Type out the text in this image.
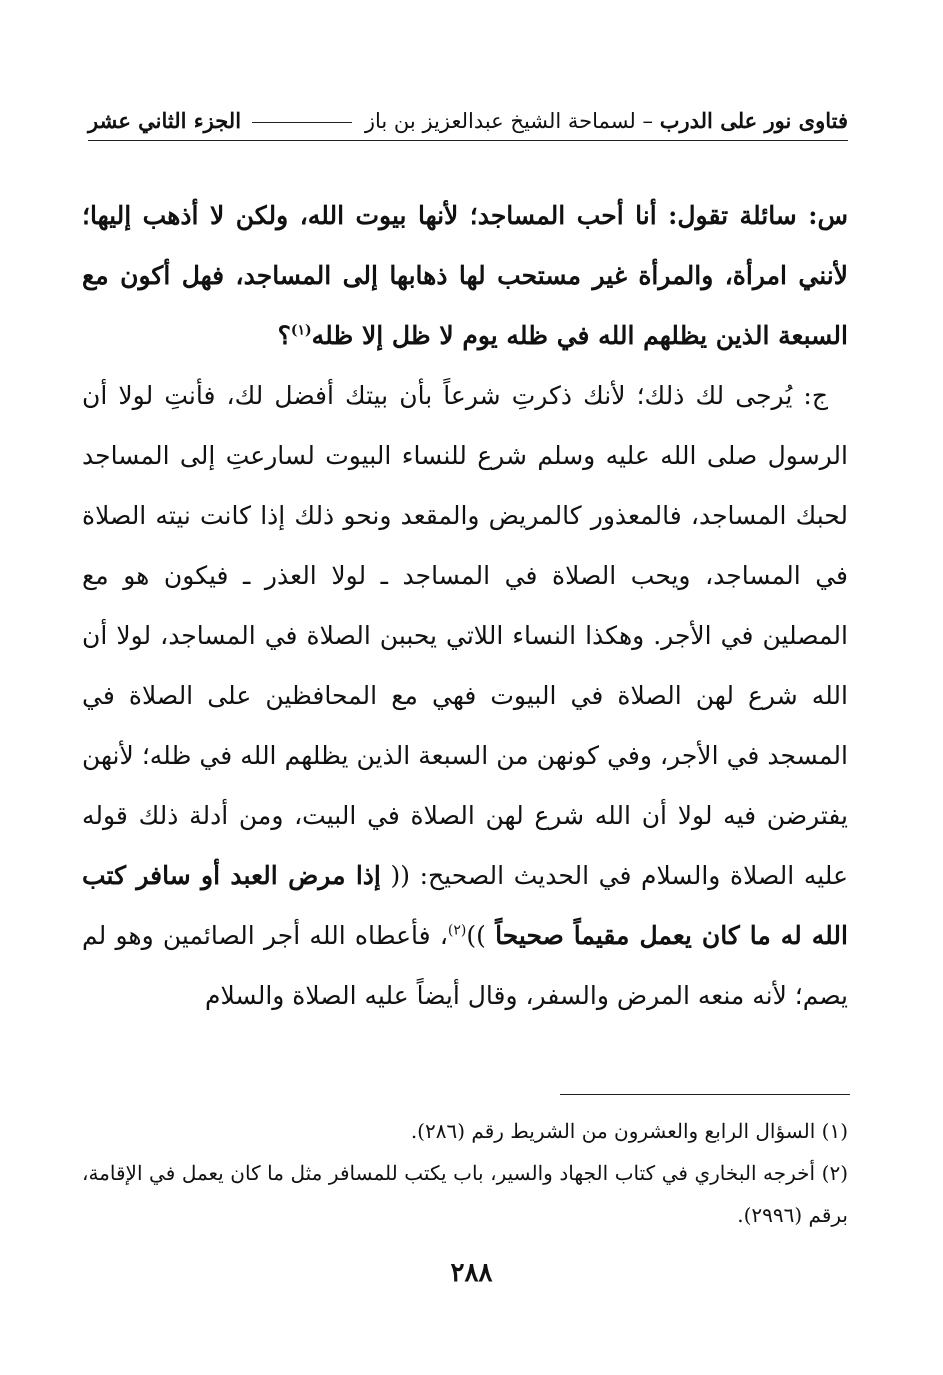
فتاوى نور على الدرب – لسماحة الشيخ عبدالعزيز بن باز
الجزء الثاني عشر

س: سائلة تقول: أنا أحب المساجد؛ لأنها بيوت الله، ولكن لا أذهب إليها؛ لأنني امرأة، والمرأة غير مستحب لها ذهابها إلى المساجد، فهل أكون مع السبعة الذين يظلهم الله في ظله يوم لا ظل إلا ظله$^{(١)}$؟

ج: يُرجى لك ذلك؛ لأنك ذكرتِ شرعاً بأن بيتك أفضل لك، فأنتِ لولا أن الرسول صلى الله عليه وسلم شرع للنساء البيوت لسارعتِ إلى المساجد لحبك المساجد، فالمعذور كالمريض والمقعد ونحو ذلك إذا كانت نيته الصلاة في المساجد، ويحب الصلاة في المساجد ـ لولا العذر ـ فيكون هو مع المصلين في الأجر. وهكذا النساء اللاتي يحببن الصلاة في المساجد، لولا أن الله شرع لهن الصلاة في البيوت فهي مع المحافظين على الصلاة في المسجد في الأجر، وفي كونهن من السبعة الذين يظلهم الله في ظله؛ لأنهن يفترضن فيه لولا أن الله شرع لهن الصلاة في البيت، ومن أدلة ذلك قوله عليه الصلاة والسلام في الحديث الصحيح: (( إذا مرض العبد أو سافر كتب الله له ما كان يعمل مقيماً صحيحاً ))$^{(٢)}$، فأعطاه الله أجر الصائمين وهو لم يصم؛ لأنه منعه المرض والسفر، وقال أيضاً عليه الصلاة والسلام

(١) السؤال الرابع والعشرون من الشريط رقم (٢٨٦).

(٢) أخرجه البخاري في كتاب الجهاد والسير، باب يكتب للمسافر مثل ما كان يعمل في الإقامة، برقم (٢٩٩٦).

٢٨٨
